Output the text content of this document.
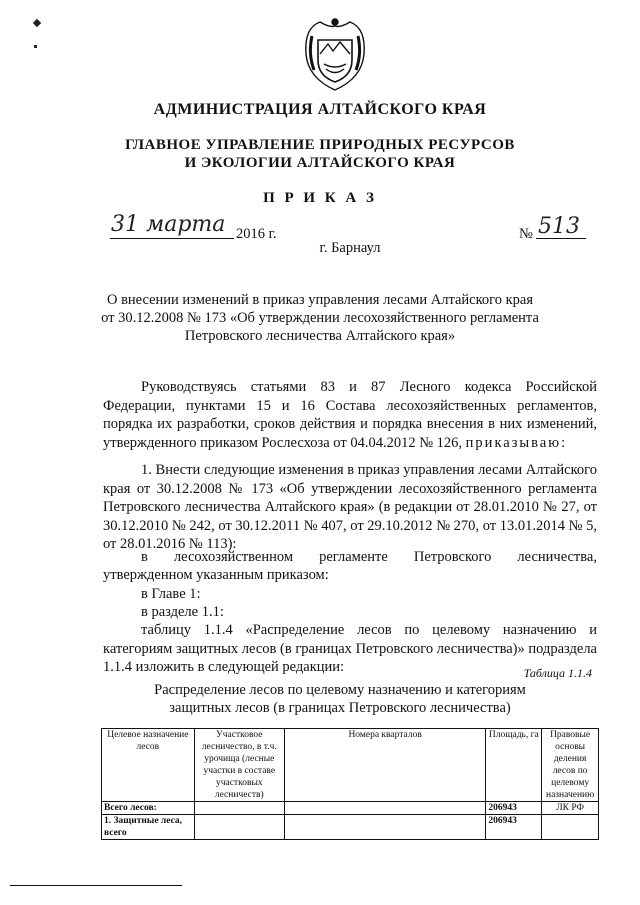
АДМИНИСТРАЦИЯ АЛТАЙСКОГО КРАЯ
ГЛАВНОЕ УПРАВЛЕНИЕ ПРИРОДНЫХ РЕСУРСОВ
И ЭКОЛОГИИ АЛТАЙСКОГО КРАЯ
П Р И К А З
31 марта 2016 г.	№ 513
г. Барнаул
О внесении изменений в приказ управления лесами Алтайского края
от 30.12.2008 № 173 «Об утверждении лесохозяйственного регламента
Петровского лесничества Алтайского края»
Руководствуясь статьями 83 и 87 Лесного кодекса Российской Федерации, пунктами 15 и 16 Состава лесохозяйственных регламентов, порядка их разработки, сроков действия и порядка внесения в них изменений, утвержденного приказом Рослесхоза от 04.04.2012 № 126, приказываю:
1. Внести следующие изменения в приказ управления лесами Алтайского края от 30.12.2008 № 173 «Об утверждении лесохозяйственного регламента Петровского лесничества Алтайского края» (в редакции от 28.01.2010 № 27, от 30.12.2010 № 242, от 30.12.2011 № 407, от 29.10.2012 № 270, от 13.01.2014 № 5, от 28.01.2016 № 113):
в лесохозяйственном регламенте Петровского лесничества,
утвержденном указанным приказом:
в Главе 1:
в разделе 1.1:
таблицу 1.1.4 «Распределение лесов по целевому назначению и категориям защитных лесов (в границах Петровского лесничества)» подраздела 1.1.4 изложить в следующей редакции:	Таблица 1.1.4
Распределение лесов по целевому назначению и категориям
защитных лесов (в границах Петровского лесничества)
Целевое назначение лесов	Участковое лесничество, в т.ч. урочища (лесные участки в составе участковых лесничеств)	Номера кварталов	Площадь, га	Правовые основы деления лесов по целевому назначению
Всего лесов:			206943	ЛК РФ
1. Защитные леса, всего			206943	
